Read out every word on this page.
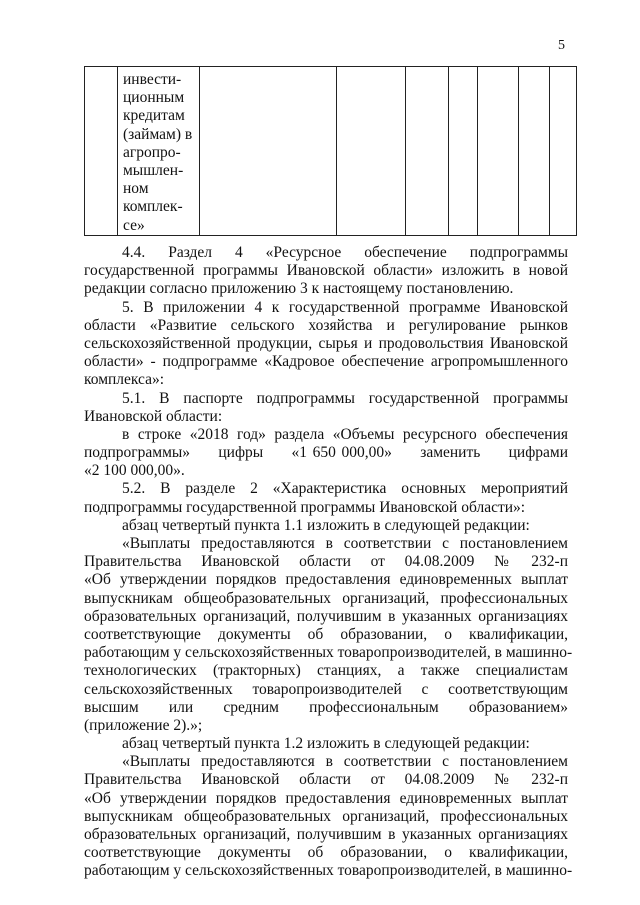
5

инвести-
ционным
кредитам
(займам) в
агропро-
мышлен-
ном
комплек-
се»

4.4.   Раздел   4   «Ресурсное   обеспечение   подпрограммы
государственной программы Ивановской области» изложить в новой
редакции согласно приложению 3 к настоящему постановлению.
5. В приложении 4 к государственной программе Ивановской
области «Развитие сельского хозяйства и регулирование рынков
сельскохозяйственной продукции, сырья и продовольствия Ивановской
области» - подпрограмме «Кадровое обеспечение агропромышленного
комплекса»:
5.1. В паспорте подпрограммы государственной программы
Ивановской области:
в строке «2018 год» раздела «Объемы ресурсного обеспечения
подпрограммы»     цифры     «1 650 000,00»     заменить     цифрами
«2 100 000,00».
5.2. В разделе 2 «Характеристика основных мероприятий
подпрограммы государственной программы Ивановской области»:
абзац четвертый пункта 1.1 изложить в следующей редакции:
«Выплаты предоставляются в соответствии с постановлением
Правительства   Ивановской   области   от   04.08.2009   №   232-п
«Об утверждении порядков предоставления единовременных выплат
выпускникам общеобразовательных организаций, профессиональных
образовательных организаций, получившим в указанных организациях
соответствующие   документы   об   образовании,   о   квалификации,
работающим у сельскохозяйственных товаропроизводителей, в машинно-
технологических (тракторных) станциях, а также специалистам
сельскохозяйственных   товаропроизводителей   с   соответствующим
высшим    или    средним    профессиональным    образованием»
(приложение 2).»;
абзац четвертый пункта 1.2 изложить в следующей редакции:
«Выплаты предоставляются в соответствии с постановлением
Правительства   Ивановской   области   от   04.08.2009   №   232-п
«Об утверждении порядков предоставления единовременных выплат
выпускникам общеобразовательных организаций, профессиональных
образовательных организаций, получившим в указанных организациях
соответствующие   документы   об   образовании,   о   квалификации,
работающим у сельскохозяйственных товаропроизводителей, в машинно-
